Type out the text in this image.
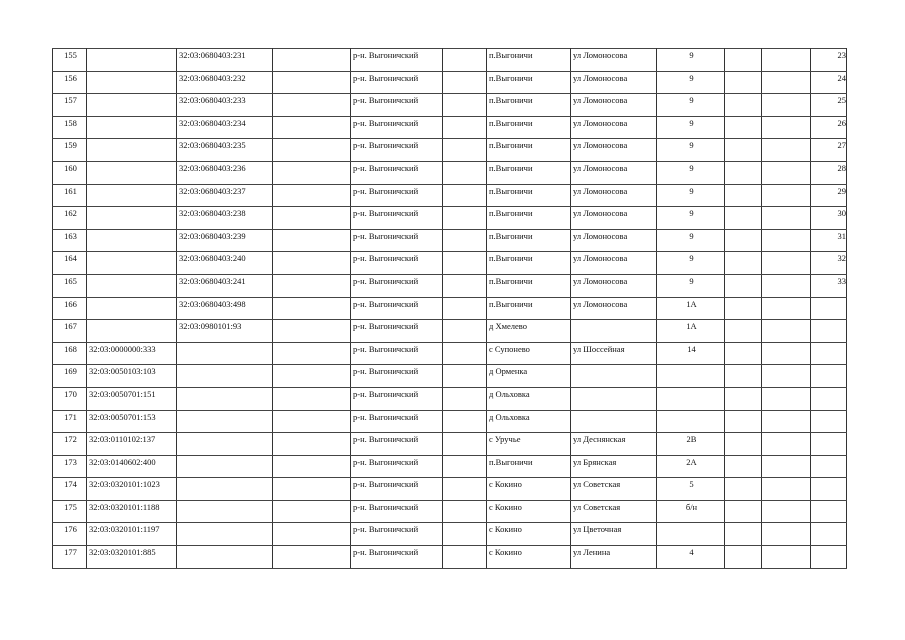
155		32:03:0680403:231		р-н. Выгоничский		п.Выгоничи	ул Ломоносова	9			23
156		32:03:0680403:232		р-н. Выгоничский		п.Выгоничи	ул Ломоносова	9			24
157		32:03:0680403:233		р-н. Выгоничский		п.Выгоничи	ул Ломоносова	9			25
158		32:03:0680403:234		р-н. Выгоничский		п.Выгоничи	ул Ломоносова	9			26
159		32:03:0680403:235		р-н. Выгоничский		п.Выгоничи	ул Ломоносова	9			27
160		32:03:0680403:236		р-н. Выгоничский		п.Выгоничи	ул Ломоносова	9			28
161		32:03:0680403:237		р-н. Выгоничский		п.Выгоничи	ул Ломоносова	9			29
162		32:03:0680403:238		р-н. Выгоничский		п.Выгоничи	ул Ломоносова	9			30
163		32:03:0680403:239		р-н. Выгоничский		п.Выгоничи	ул Ломоносова	9			31
164		32:03:0680403:240		р-н. Выгоничский		п.Выгоничи	ул Ломоносова	9			32
165		32:03:0680403:241		р-н. Выгоничский		п.Выгоничи	ул Ломоносова	9			33
166		32:03:0680403:498		р-н. Выгоничский		п.Выгоничи	ул Ломоносова	1А			
167		32:03:0980101:93		р-н. Выгоничский		д Хмелево		1А			
168	32:03:0000000:333			р-н. Выгоничский		с Супонево	ул Шоссейная	14			
169	32:03:0050103:103			р-н. Выгоничский		д Орменка					
170	32:03:0050701:151			р-н. Выгоничский		д Ольховка					
171	32:03:0050701:153			р-н. Выгоничский		д Ольховка					
172	32:03:0110102:137			р-н. Выгоничский		с Уручье	ул Деснянская	2В			
173	32:03:0140602:400			р-н. Выгоничский		п.Выгоничи	ул Брянская	2А			
174	32:03:0320101:1023			р-н. Выгоничский		с Кокино	ул Советская	5			
175	32:03:0320101:1188			р-н. Выгоничский		с Кокино	ул Советская	б/н			
176	32:03:0320101:1197			р-н. Выгоничский		с Кокино	ул Цветочная				
177	32:03:0320101:885			р-н. Выгоничский		с Кокино	ул Ленина	4			
